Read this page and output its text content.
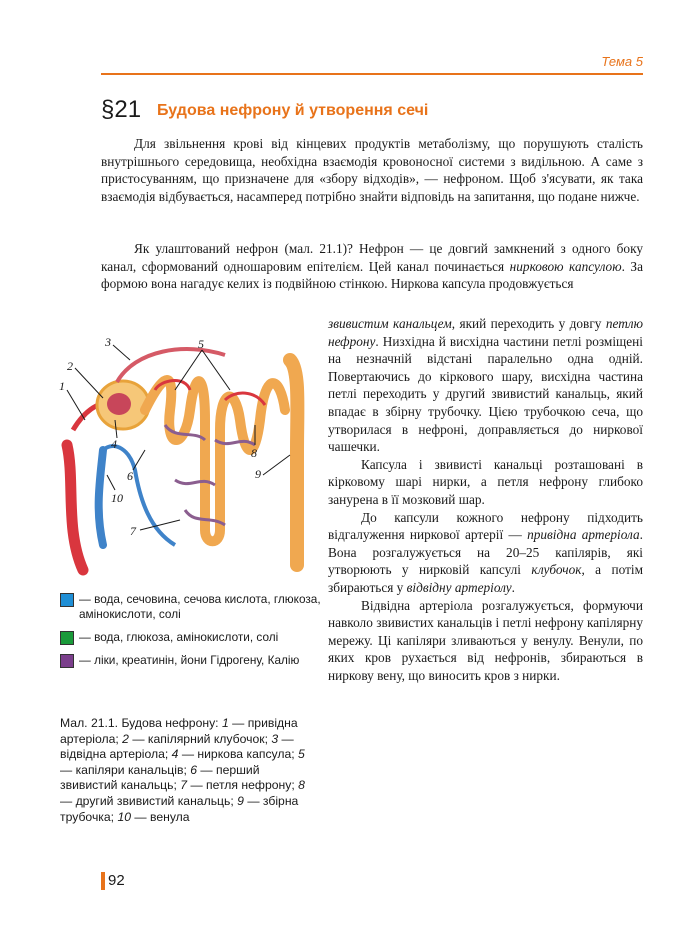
Тема 5
§21 Будова нефрону й утворення сечі

Для звільнення крові від кінцевих продуктів метаболізму, що порушують сталість внутрішнього середовища, необхідна взаємодія кровоносної системи з видільною. А саме з пристосуванням, що призначене для «збору відходів», — нефроном. Щоб з'ясувати, як така взаємодія відбувається, насамперед потрібно знайти відповідь на запитання, що подане нижче.

Як улаштований нефрон (мал. 21.1)? Нефрон — це довгий замкнений з одного боку канал, сформований одношаровим епітелієм. Цей канал починається нирковою капсулою. За формою вона нагадує келих із подвійною стінкою. Ниркова капсула продовжується

1
2
3
4
5
6
7
8
9
10

звивистим канальцем, який переходить у довгу петлю нефрону. Низхідна й висхідна частини петлі розміщені на незначній відстані паралельно одна одній. Повертаючись до кіркового шару, висхідна частина петлі переходить у другий звивистий канальць, який впадає в збірну трубочку. Цією трубочкою сеча, що утворилася в нефроні, доправляється до ниркової чашечки.

Капсула і звивисті канальці розташовані в кірковому шарі нирки, а петля нефрону глибоко занурена в її мозковий шар.

До капсули кожного нефрону підходить відгалуження ниркової артерії — привідна артеріола. Вона розгалужується на 20–25 капілярів, які утворюють у нирковій капсулі клубочок, а потім збираються у відвідну артеріолу.

Відвідна артеріола розгалужується, формуючи навколо звивистих канальців і петлі нефрону капілярну мережу. Ці капіляри зливаються у венулу. Венули, по яких кров рухається від нефронів, збираються в ниркову вену, що виносить кров з нирки.

— вода, сечовина, сечова кислота, глюкоза, амінокислоти, солі
— вода, глюкоза, амінокислоти, солі
— ліки, креатинін, йони Гідрогену, Калію
Мал. 21.1. Будова нефрону: 1 — привідна артеріола; 2 — капілярний клубочок; 3 — відвідна артеріола; 4 — ниркова капсула; 5 — капіляри канальців; 6 — перший звивистий канальць; 7 — петля нефрону; 8 — другий звивистий канальць; 9 — збірна трубочка; 10 — венула
92
